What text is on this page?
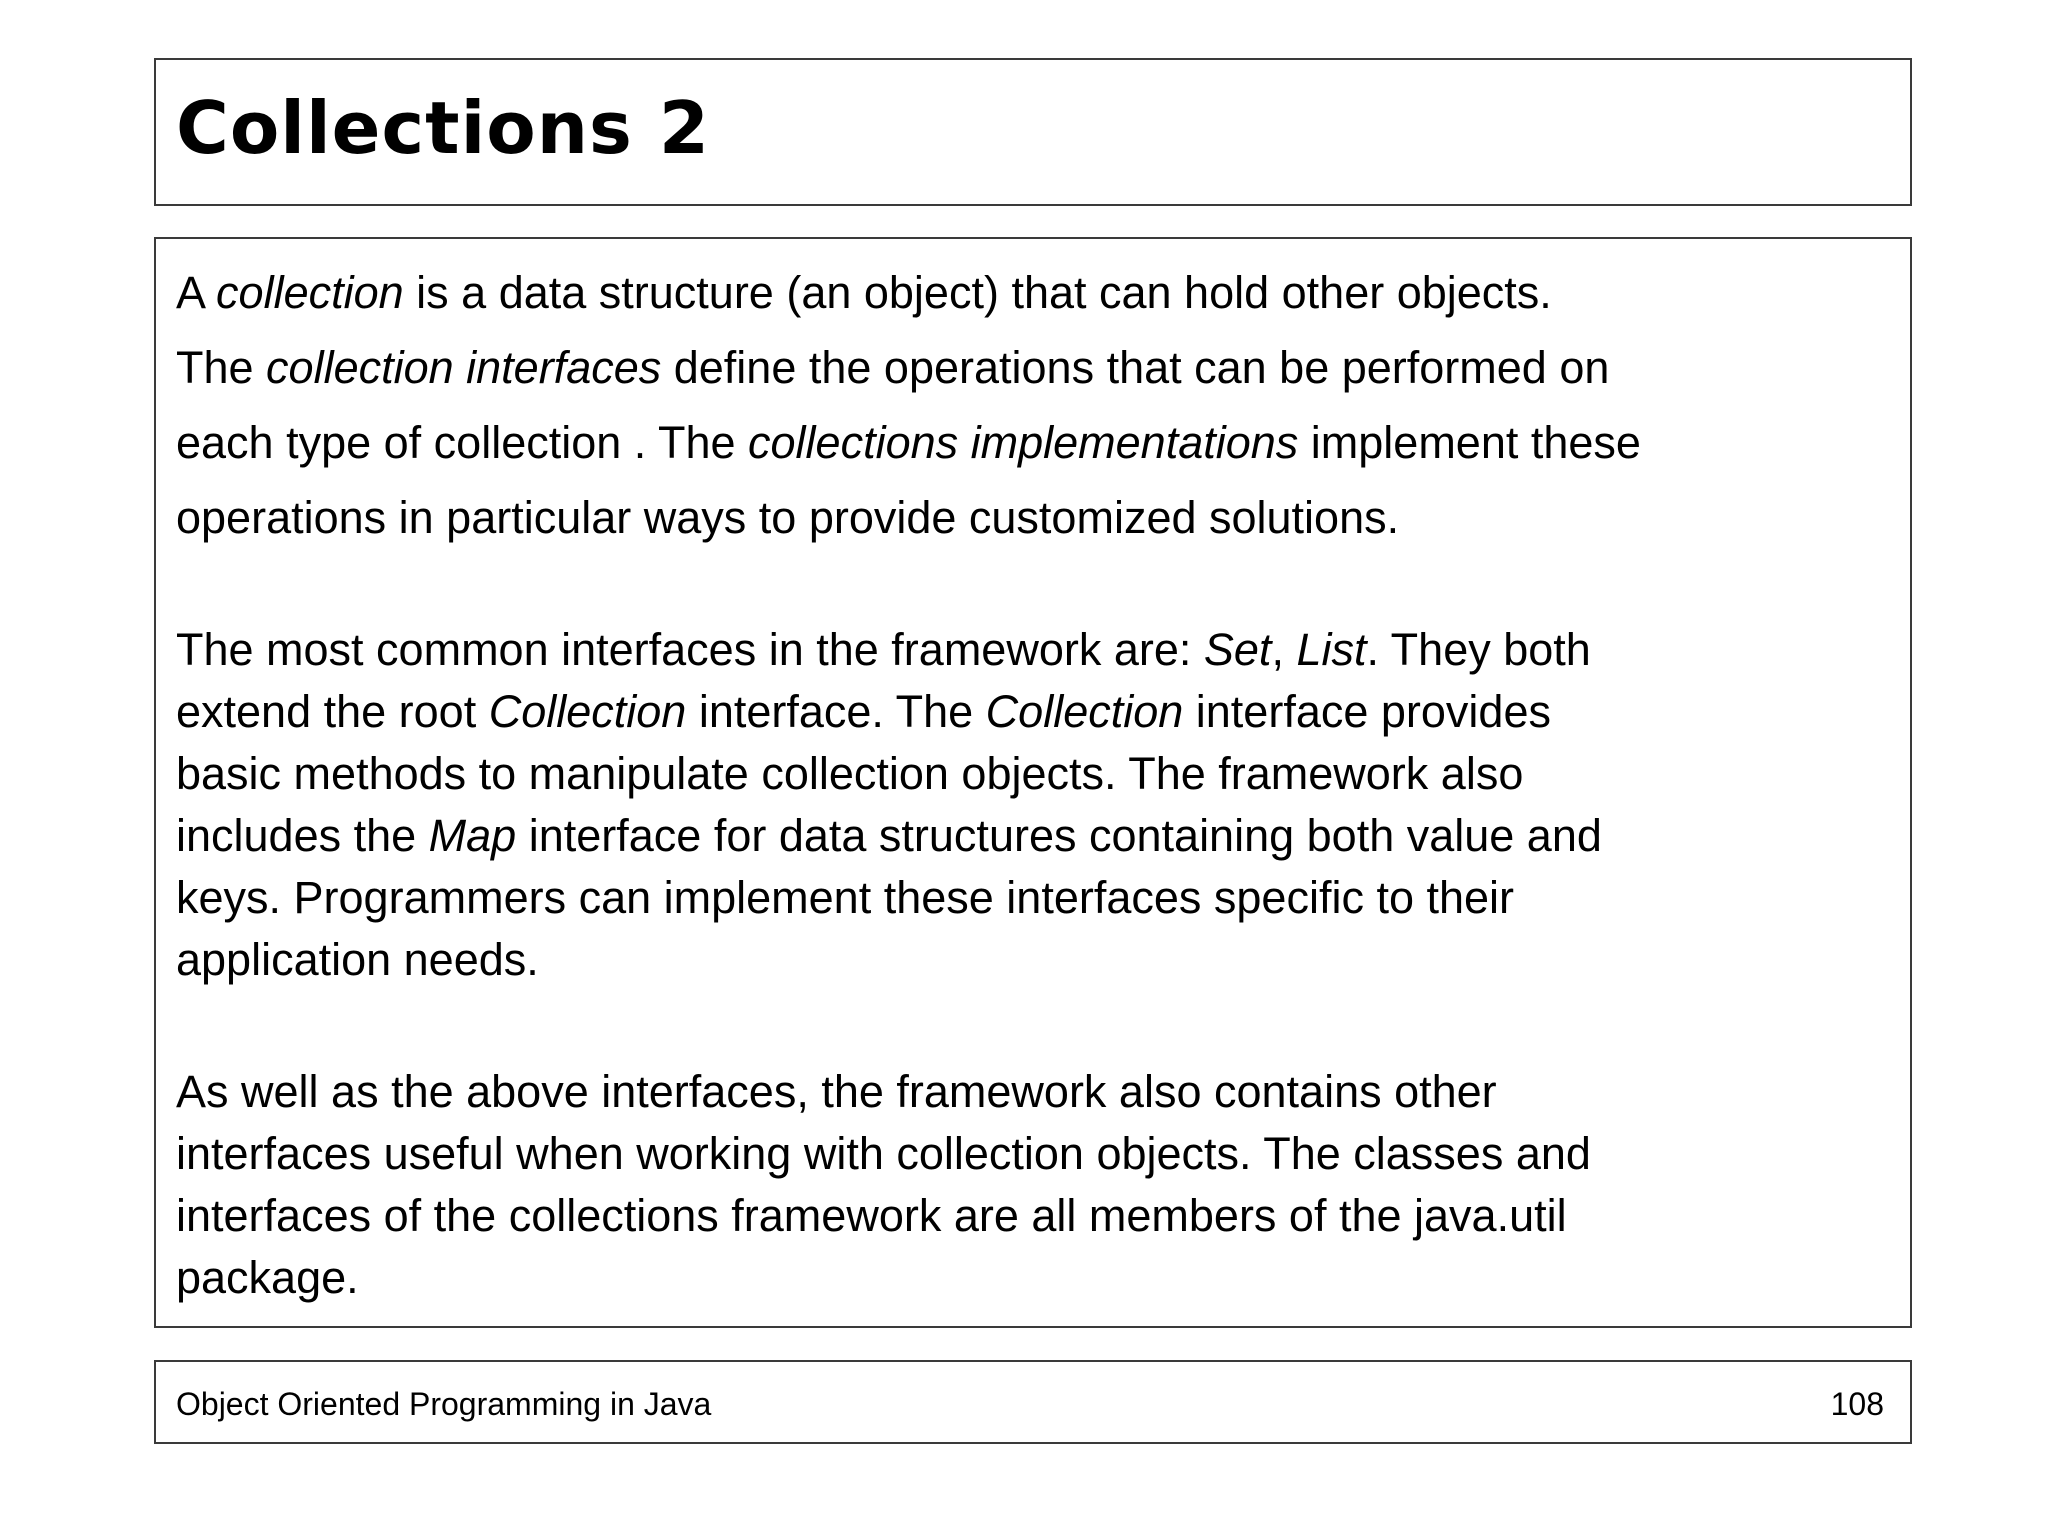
Collections 2

A collection is a data structure (an object) that can hold other objects.
The collection interfaces define the operations that can be performed on
each type of collection . The collections implementations implement these
operations in particular ways to provide customized solutions.

The most common interfaces in the framework are: Set, List. They both
extend the root Collection interface. The Collection interface provides
basic methods to manipulate collection objects. The framework also
includes the Map interface for data structures containing both value and
keys. Programmers can implement these interfaces specific to their
application needs.

As well as the above interfaces, the framework also contains other
interfaces useful when working with collection objects. The classes and
interfaces of the collections framework are all members of the java.util
package.

Object Oriented Programming in Java	108
